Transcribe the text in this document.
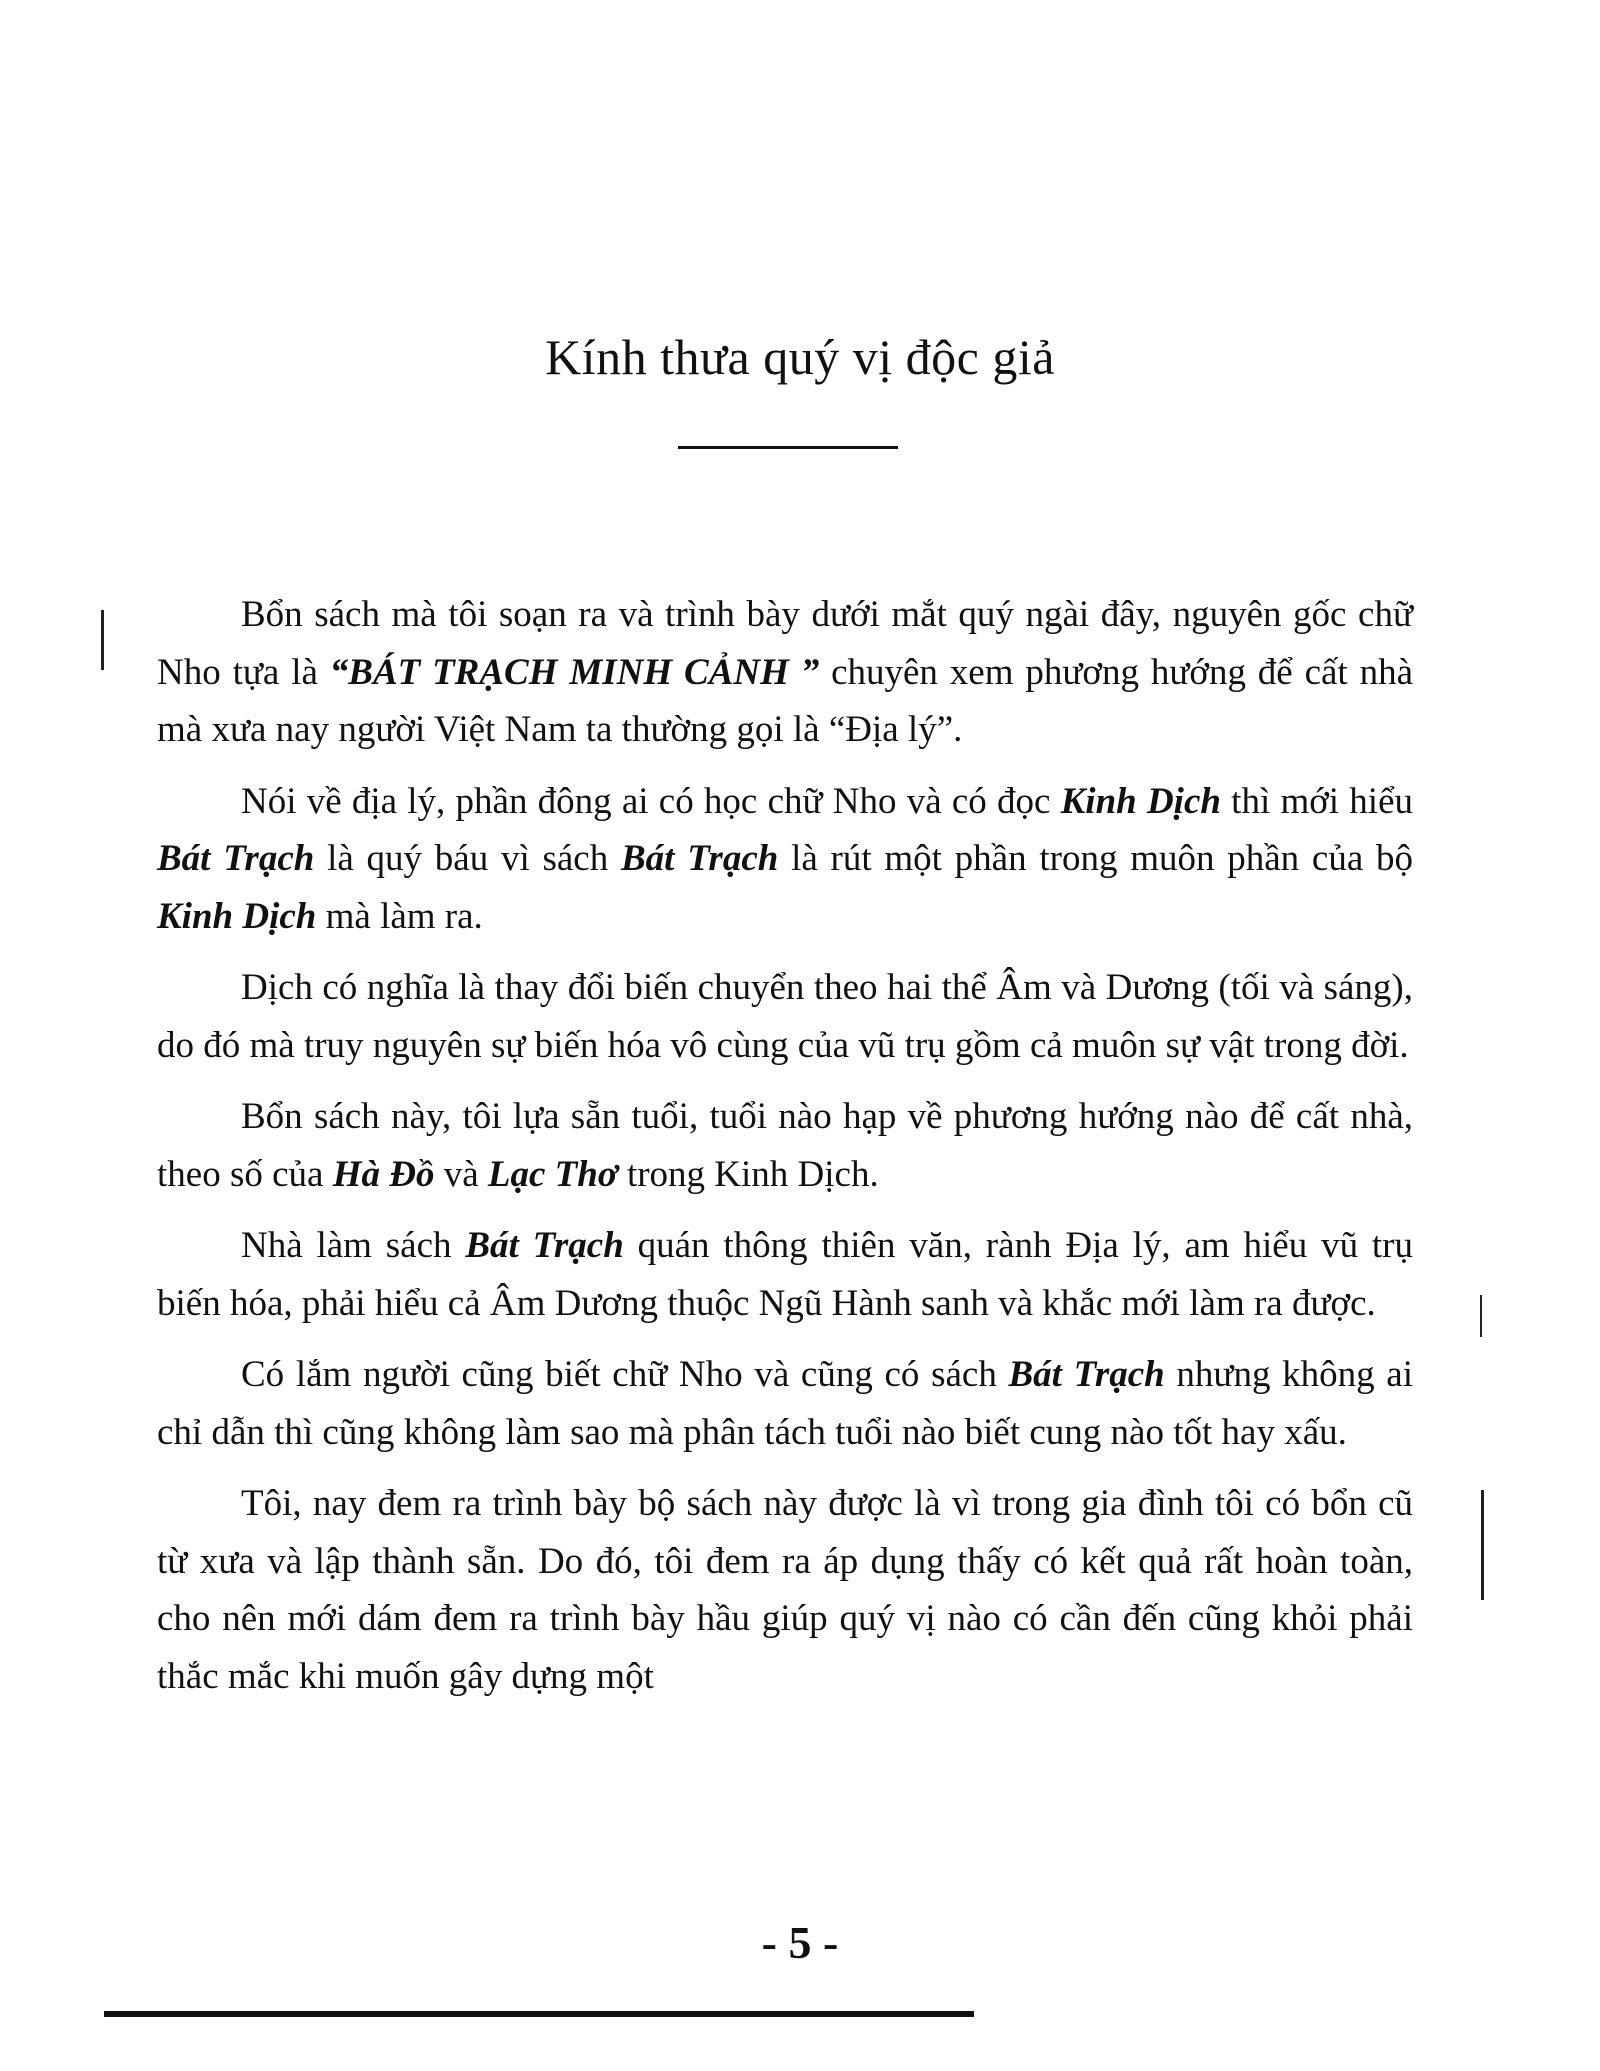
Kính thưa quý vị độc giả

Bổn sách mà tôi soạn ra và trình bày dưới mắt quý ngài đây, nguyên gốc chữ Nho tựa là “BÁT TRẠCH MINH CẢNH ” chuyên xem phương hướng để cất nhà mà xưa nay người Việt Nam ta thường gọi là “Địa lý”.

Nói về địa lý, phần đông ai có học chữ Nho và có đọc Kinh Dịch thì mới hiểu Bát Trạch là quý báu vì sách Bát Trạch là rút một phần trong muôn phần của bộ Kinh Dịch mà làm ra.

Dịch có nghĩa là thay đổi biến chuyển theo hai thể Âm và Dương (tối và sáng), do đó mà truy nguyên sự biến hóa vô cùng của vũ trụ gồm cả muôn sự vật trong đời.

Bổn sách này, tôi lựa sẵn tuổi, tuổi nào hạp về phương hướng nào để cất nhà, theo số của Hà Đồ và Lạc Thơ trong Kinh Dịch.

Nhà làm sách Bát Trạch quán thông thiên văn, rành Địa lý, am hiểu vũ trụ biến hóa, phải hiểu cả Âm Dương thuộc Ngũ Hành sanh và khắc mới làm ra được.

Có lắm người cũng biết chữ Nho và cũng có sách Bát Trạch nhưng không ai chỉ dẫn thì cũng không làm sao mà phân tách tuổi nào biết cung nào tốt hay xấu.

Tôi, nay đem ra trình bày bộ sách này được là vì trong gia đình tôi có bổn cũ từ xưa và lập thành sẵn. Do đó, tôi đem ra áp dụng thấy có kết quả rất hoàn toàn, cho nên mới dám đem ra trình bày hầu giúp quý vị nào có cần đến cũng khỏi phải thắc mắc khi muốn gây dựng một

- 5 -
